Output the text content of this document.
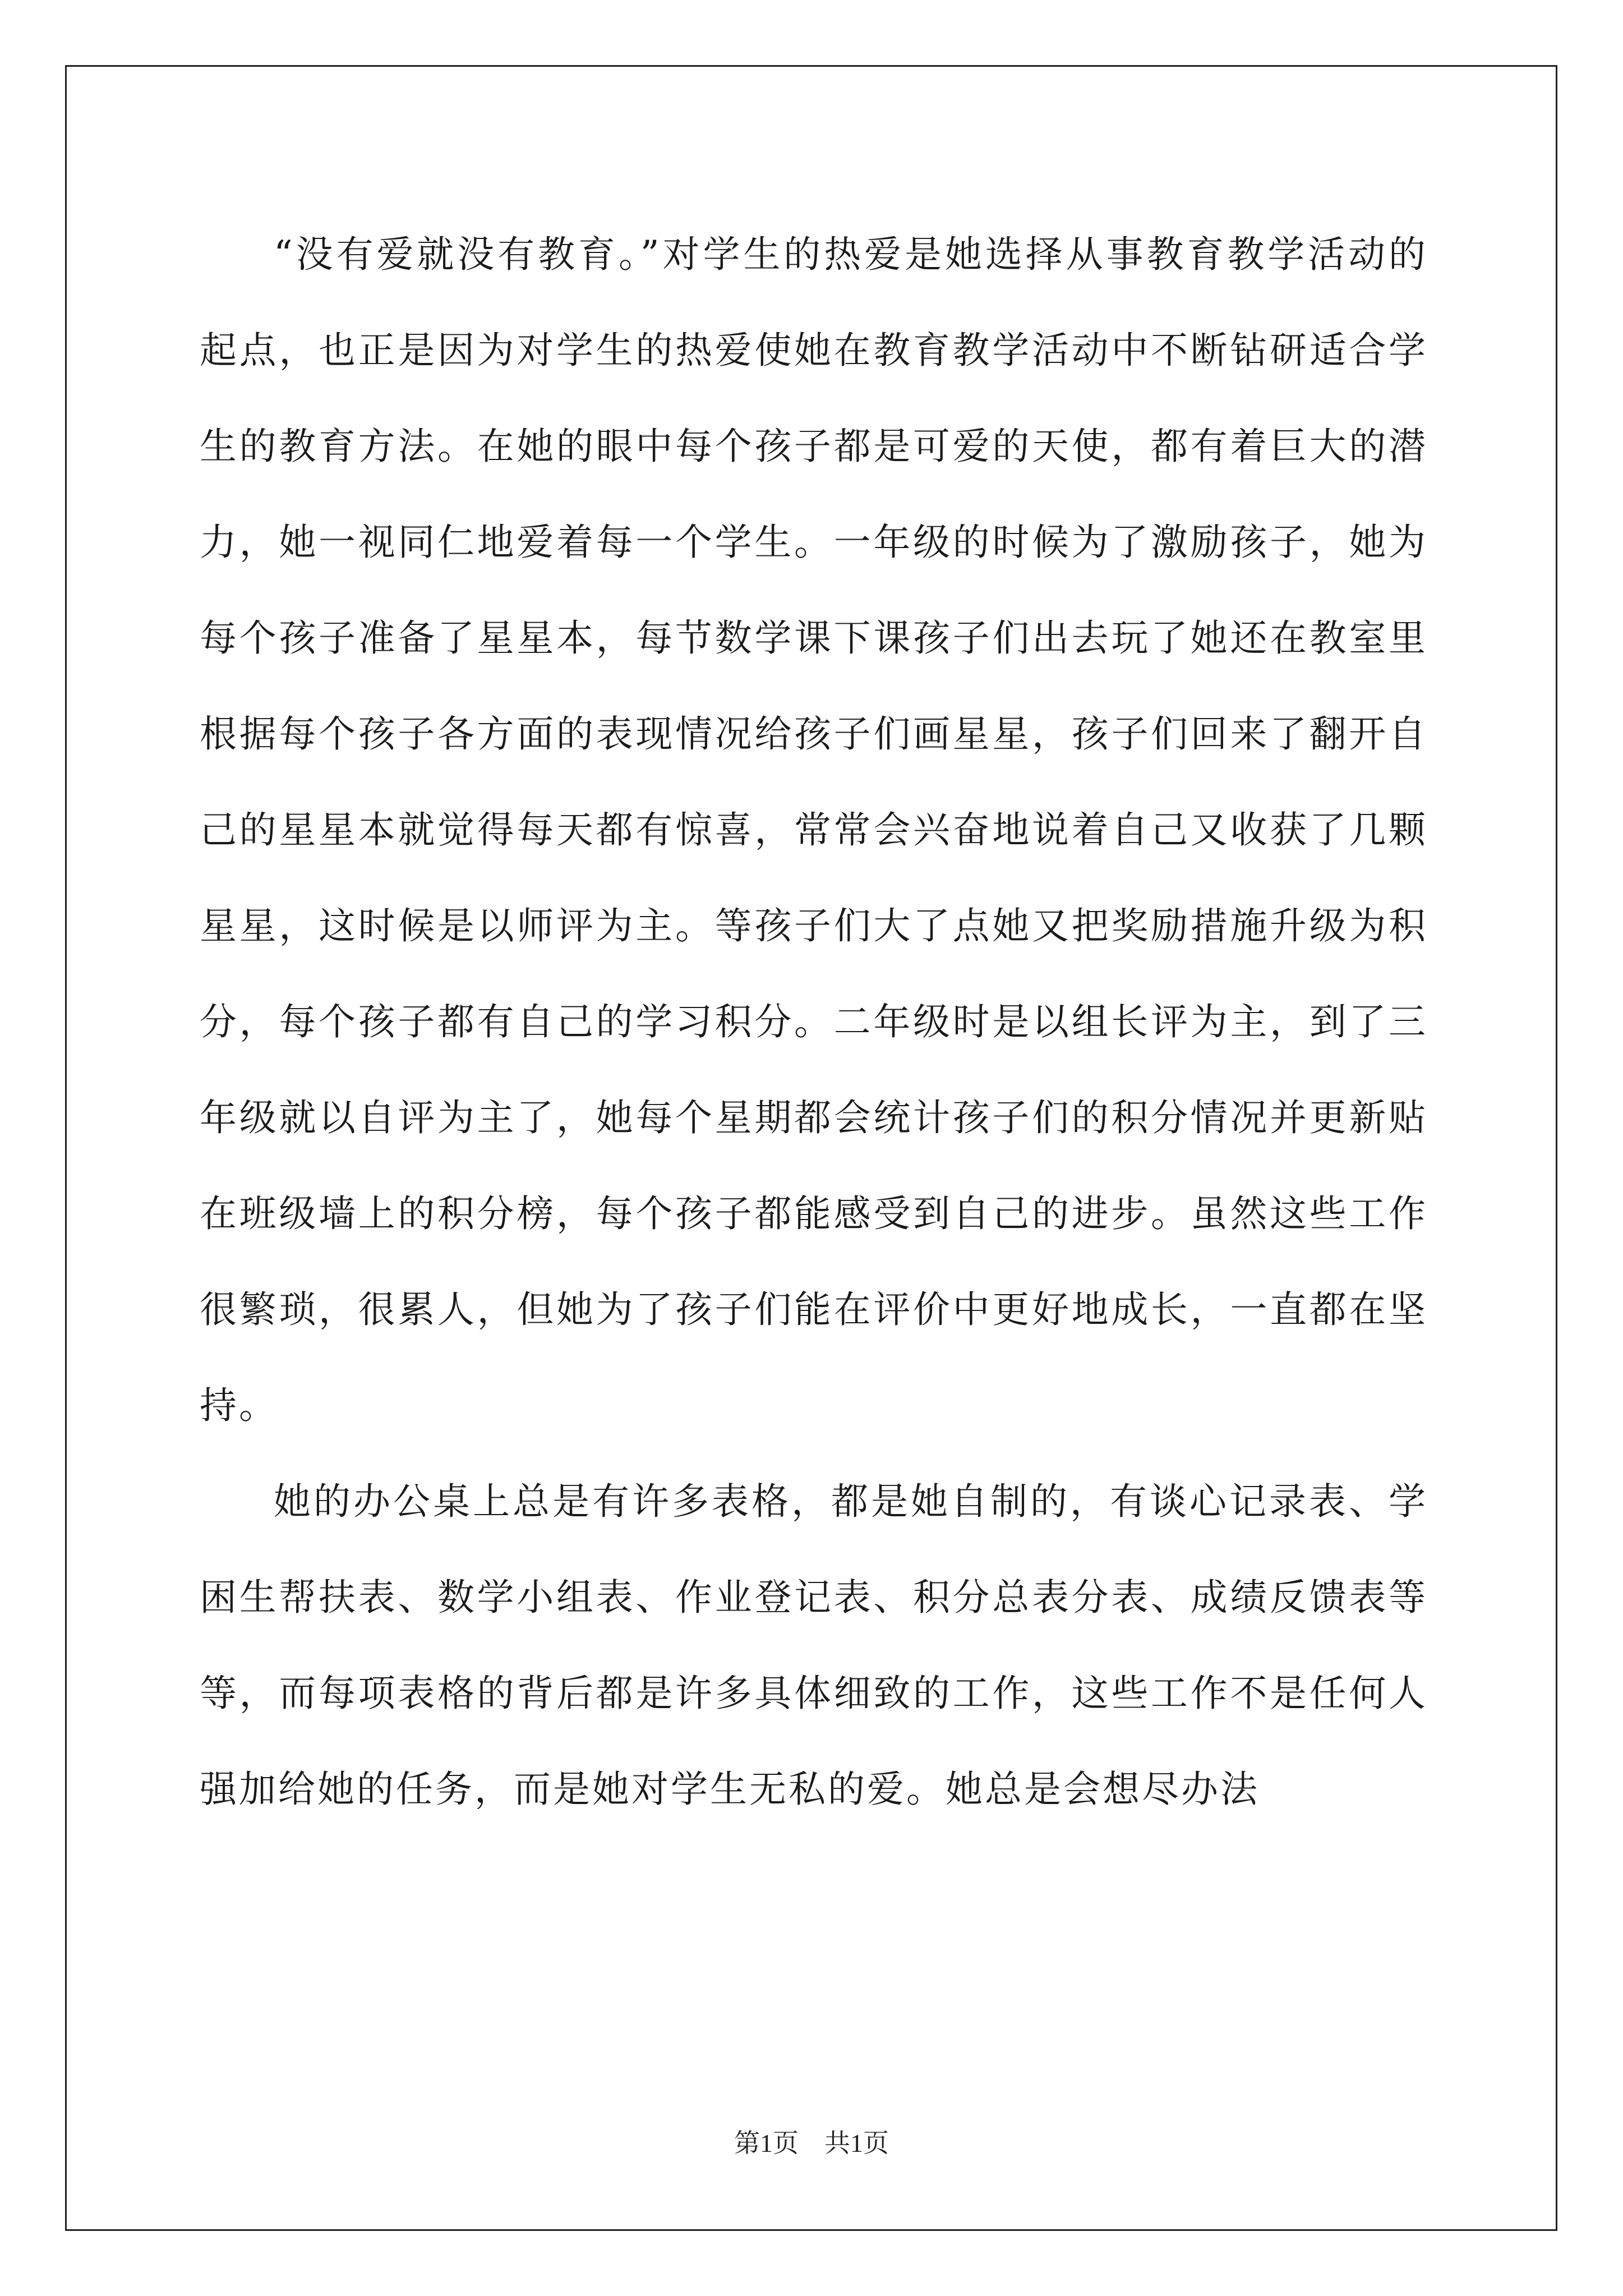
“没有爱就没有教育。”对学生的热爱是她选择从事教育教学活动的起点，也正是因为对学生的热爱使她在教育教学活动中不断钻研适合学生的教育方法。在她的眼中每个孩子都是可爱的天使，都有着巨大的潜力，她一视同仁地爱着每一个学生。一年级的时候为了激励孩子，她为每个孩子准备了星星本，每节数学课下课孩子们出去玩了她还在教室里根据每个孩子各方面的表现情况给孩子们画星星，孩子们回来了翻开自己的星星本就觉得每天都有惊喜，常常会兴奋地说着自己又收获了几颗星星，这时候是以师评为主。等孩子们大了点她又把奖励措施升级为积分，每个孩子都有自己的学习积分。二年级时是以组长评为主，到了三年级就以自评为主了，她每个星期都会统计孩子们的积分情况并更新贴在班级墙上的积分榜，每个孩子都能感受到自己的进步。虽然这些工作很繁琐，很累人，但她为了孩子们能在评价中更好地成长，一直都在坚持。

她的办公桌上总是有许多表格，都是她自制的，有谈心记录表、学困生帮扶表、数学小组表、作业登记表、积分总表分表、成绩反馈表等等，而每项表格的背后都是许多具体细致的工作，这些工作不是任何人强加给她的任务，而是她对学生无私的爱。她总是会想尽办法

第1页 共1页
